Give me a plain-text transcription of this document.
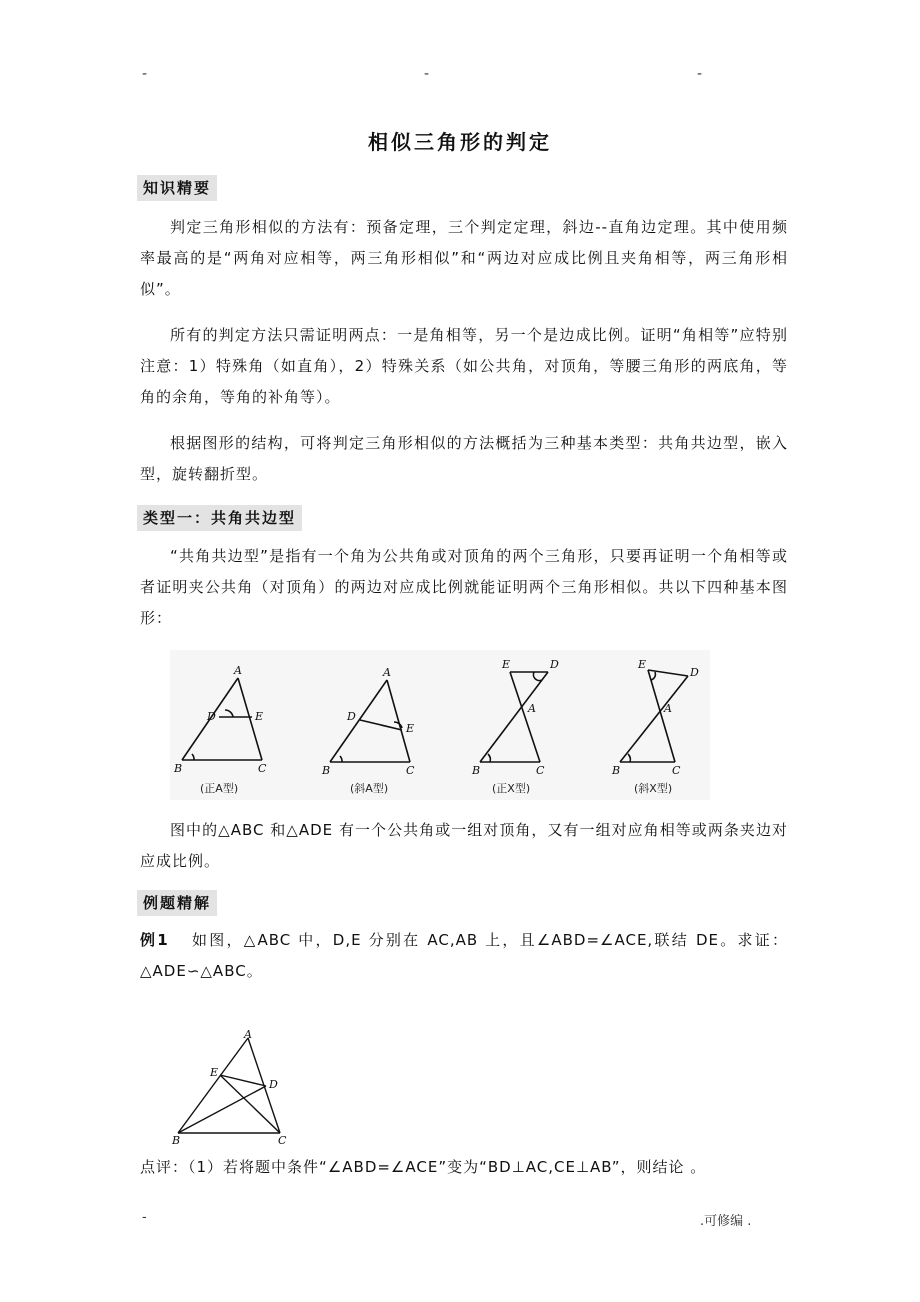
-	-	-
相似三角形的判定
知识精要
判定三角形相似的方法有：预备定理，三个判定定理，斜边--直角边定理。其中使用频率最高的是“两角对应相等，两三角形相似”和“两边对应成比例且夹角相等，两三角形相似”。
所有的判定方法只需证明两点：一是角相等，另一个是边成比例。证明“角相等”应特别注意：1）特殊角（如直角），2）特殊关系（如公共角，对顶角，等腰三角形的两底角，等角的余角，等角的补角等）。
根据图形的结构，可将判定三角形相似的方法概括为三种基本类型：共角共边型，嵌入型，旋转翻折型。
类型一：共角共边型
“共角共边型”是指有一个角为公共角或对顶角的两个三角形，只要再证明一个角相等或者证明夹公共角（对顶角）的两边对应成比例就能证明两个三角形相似。共以下四种基本图形：
A
D	E
B	C
(正A型)
A
D
E
B	C
(斜A型)
E	D
A
B	C
(正X型)
E
D
A
B	C
(斜X型)
图中的△ABC 和△ADE 有一个公共角或一组对顶角，又有一组对应角相等或两条夹边对应成比例。
例题精解
例1 如图，△ABC 中，D,E 分别在 AC,AB 上，且∠ABD=∠ACE,联结 DE。求证：△ADE∽△ABC。
A
E
D
B	C
点评：（1）若将题中条件“∠ABD=∠ACE”变为“BD⊥AC,CE⊥AB”，则结论 。
-	.可修编 .
